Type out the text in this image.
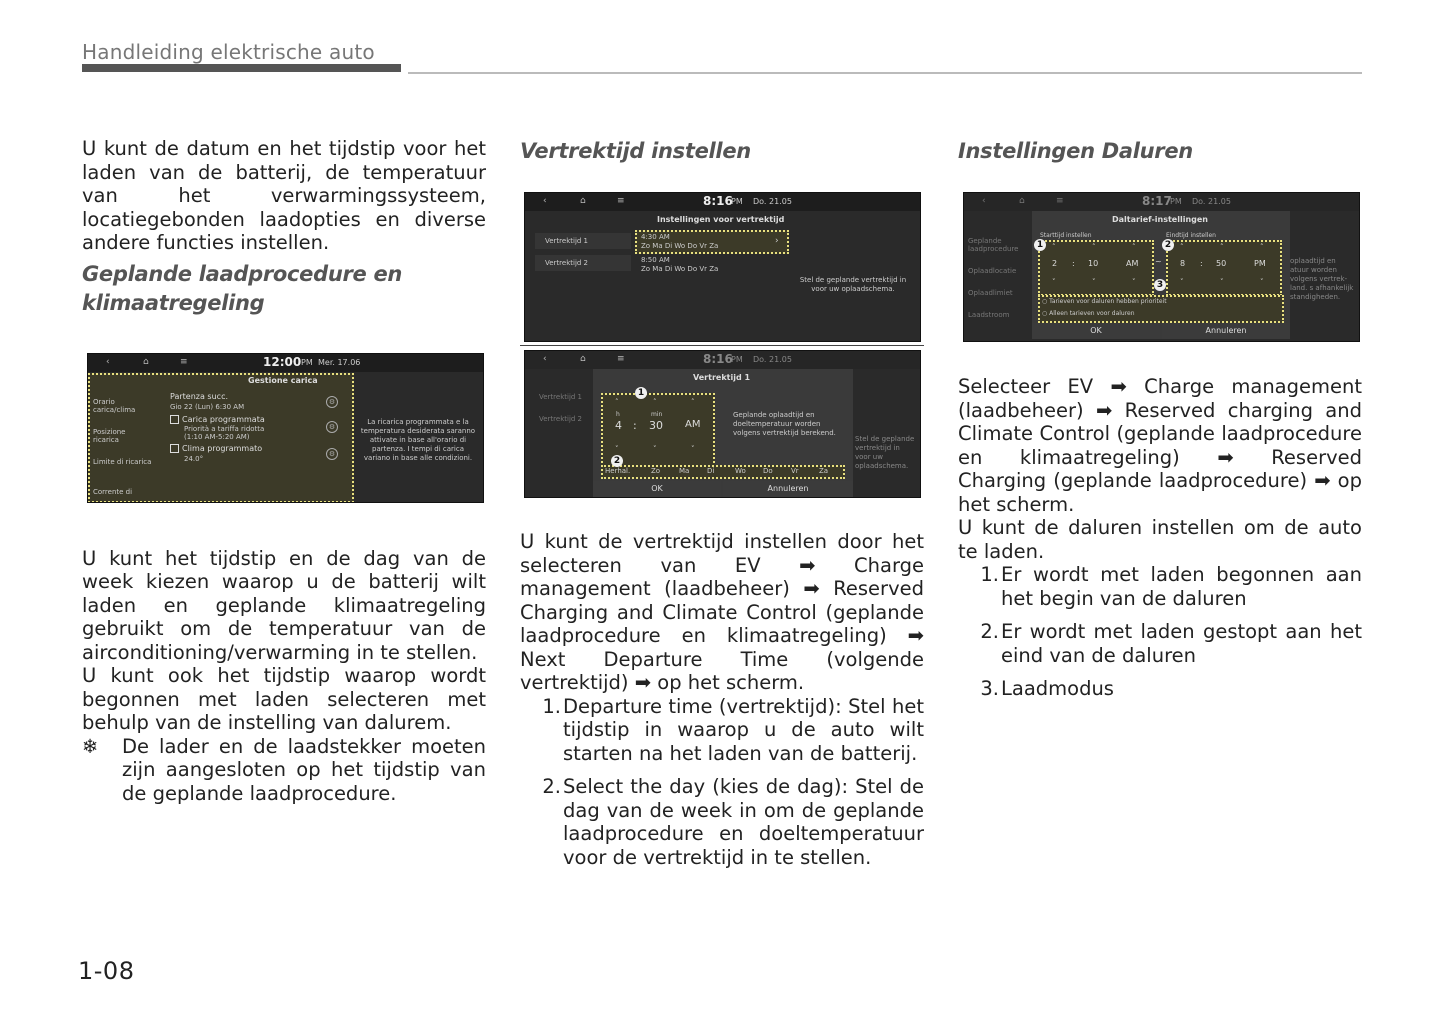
Handleiding elektrische auto

U kunt de datum en het tijdstip voor het laden van de batterij, de temperatuur van het verwarmingssysteem, locatiegebonden laadopties en diverse andere functies instellen.

Geplande laadprocedure en klimaatregeling

U kunt het tijdstip en de dag van de week kiezen waarop u de batterij wilt laden en geplande klimaatregeling gebruikt om de temperatuur van de airconditioning/verwarming in te stellen.

U kunt ook het tijdstip waarop wordt begonnen met laden selecteren met behulp van de instelling van dalurem.

❄	De lader en de laadstekker moeten zijn aangesloten op het tijdstip van de geplande laadprocedure.

Vertrektijd instellen

U kunt de vertrektijd instellen door het selecteren van EV ➡ Charge management (laadbeheer) ➡ Reserved Charging and Climate Control (geplande laadprocedure en klimaatregeling) ➡ Next Departure Time (volgende vertrektijd) ➡ op het scherm.

1. Departure time (vertrektijd): Stel het tijdstip in waarop u de auto wilt starten na het laden van de batterij.
2. Select the day (kies de dag): Stel de dag van de week in om de geplande laadprocedure en doeltemperatuur voor de vertrektijd in te stellen.

Instellingen Daluren

Selecteer EV ➡ Charge management (laadbeheer) ➡ Reserved charging and Climate Control (geplande laadprocedure en klimaatregeling) ➡ Reserved Charging (geplande laadprocedure) ➡ op het scherm.

U kunt de daluren instellen om de auto te laden.

1. Er wordt met laden begonnen aan het begin van de daluren
2. Er wordt met laden gestopt aan het eind van de daluren
3. Laadmodus
‹	⌂	≡	12:00 PM Mer. 17.06
Gestione carica
Orario carica/clima
Posizione ricarica
Limite di ricarica
Corrente di
Partenza succ.
Gio 22 (Lun) 6:30 AM
Carica programmata
Priorità a tariffa ridotta (1:10 AM-5:20 AM)
Clima programmato
24.0°
⚙
⚙
⚙
La ricarica programmata e la temperatura desiderata saranno attivate in base all'orario di partenza. I tempi di carica variano in base alle condizioni.
‹	⌂	≡	8:16
PM Do. 21.05
Instellingen voor vertrektijd
Vertrektijd 1
Vertrektijd 2
4:30 AM
Zo Ma Di Wo Do Vr Za	›
8:50 AM
Zo Ma Di Wo Do Vr Za
Stel de geplande vertrektijd in voor uw oplaadschema.
‹	⌂	≡	8:16
PM Do. 21.05
Vertrektijd 1
Vertrektijd 2
Vertrektijd 1
˄	˄	˄
h	min
4 : 30 AM
˅	˅	˅
Geplande oplaadtijd en doeltemperatuur worden volgens vertrektijd berekend.
Herhal.	Zo	Ma	Di	Wo Do	Vr	Za
OK	Annuleren
Stel de geplande vertrektijd in voor uw oplaadschema.
1
2
‹	⌂	≡	8:17
PM Do. 21.05
Geplande laadprocedure
Oplaadlocatie
Oplaadlimiet
Laadstroom
oplaadtijd en atuur worden volgens vertrek- land. s afhankelijk standigheden.
Daltarief-instellingen
Starttijd instellen	Eindtijd instellen
˄	˄	˄
2 : 10	AM
˅	˅	˅
~
˄	˄	˄
8 : 50	PM
˅	˅	˅
○ Tarieven voor daluren hebben prioriteit
○ Alleen tarieven voor daluren
OK	Annuleren
1	2
3
1-08
